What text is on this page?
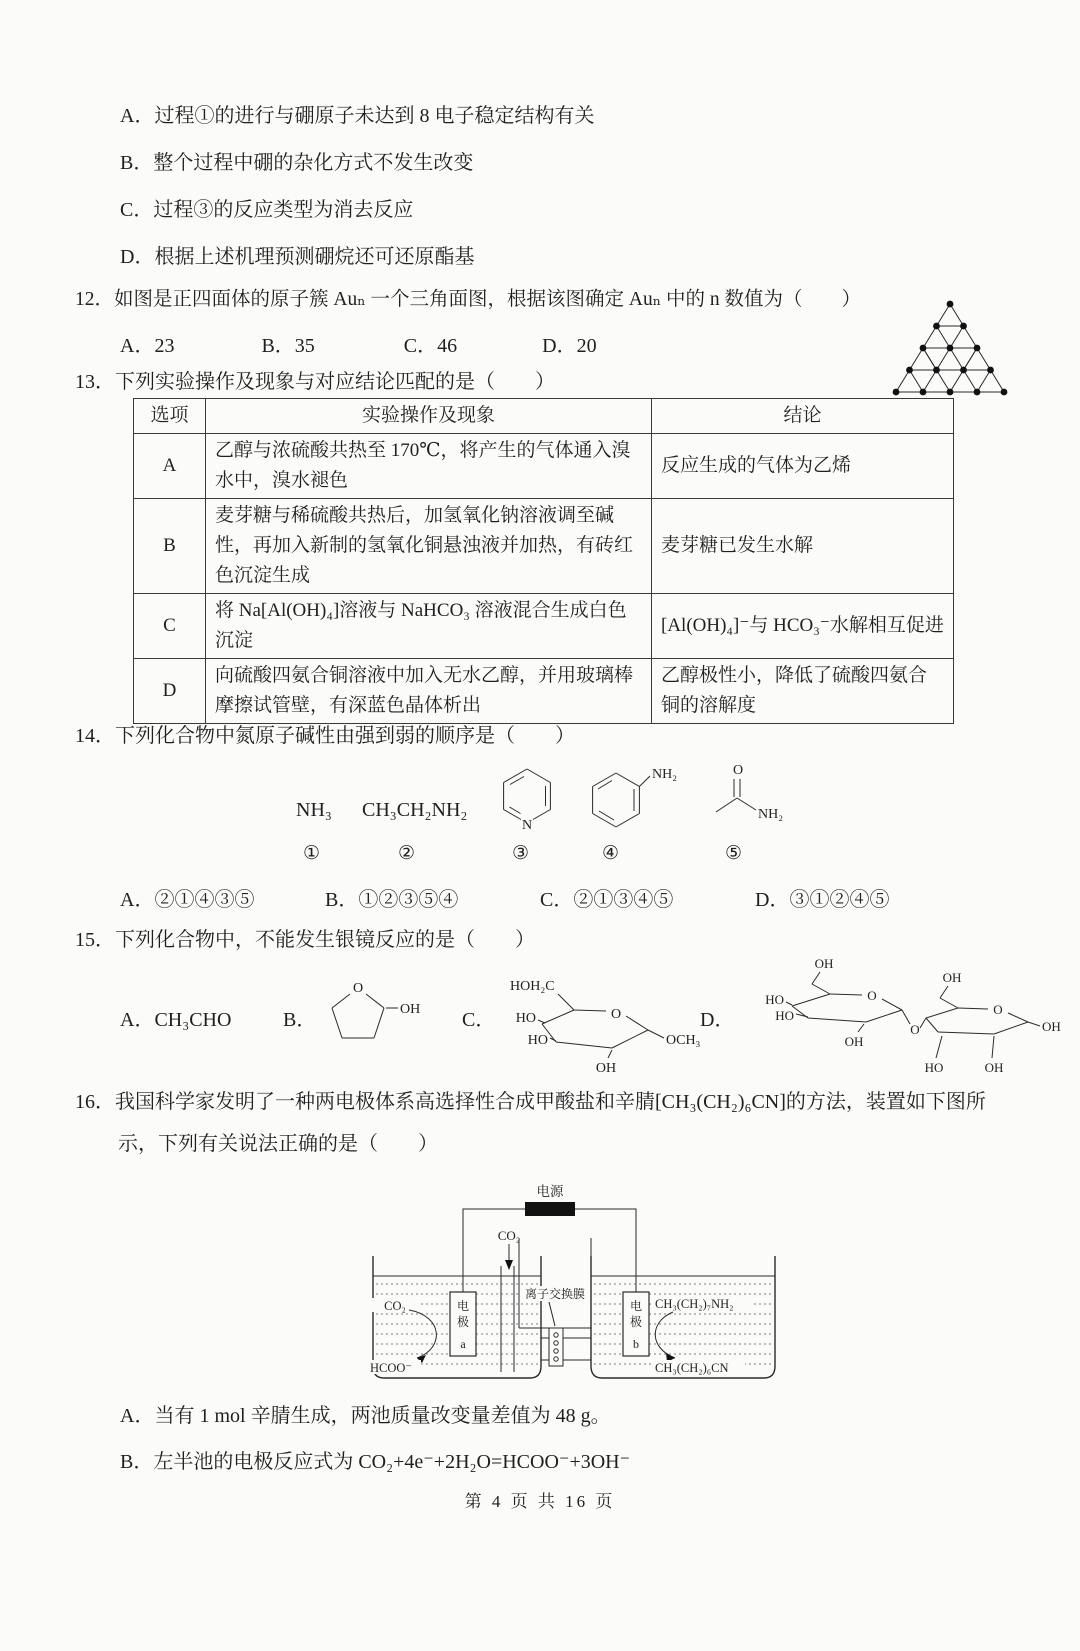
A．过程①的进行与硼原子未达到 8 电子稳定结构有关
B．整个过程中硼的杂化方式不发生改变
C．过程③的反应类型为消去反应
D．根据上述机理预测硼烷还可还原酯基
12．如图是正四面体的原子簇 Auₙ 一个三角面图，根据该图确定 Auₙ 中的 n 数值为（　　）
A．23	B．35	C．46	D．20
13．下列实验操作及现象与对应结论匹配的是（　　）
选项	实验操作及现象	结论
A	乙醇与浓硫酸共热至 170℃，将产生的气体通入溴水中，溴水褪色	反应生成的气体为乙烯
B	麦芽糖与稀硫酸共热后，加氢氧化钠溶液调至碱性，再加入新制的氢氧化铜悬浊液并加热，有砖红色沉淀生成	麦芽糖已发生水解
C	将 Na[Al(OH)₄]溶液与 NaHCO₃ 溶液混合生成白色沉淀	[Al(OH)₄]⁻与 HCO₃⁻水解相互促进
D	向硫酸四氨合铜溶液中加入无水乙醇，并用玻璃棒摩擦试管壁，有深蓝色晶体析出	乙醇极性小，降低了硫酸四氨合铜的溶解度
14．下列化合物中氮原子碱性由强到弱的顺序是（　　）
NH₃
①
CH₃CH₂NH₂
②
N
③
NH₂
④
O
NH₂
⑤
A．②①④③⑤	B．①②③⑤④	C．②①③④⑤	D．③①②④⑤
15．下列化合物中，不能发生银镜反应的是（　　）
A．CH₃CHO	B．
O
OH C．
HOH₂C
O
HO
HO
OH
OCH₃
D．
OH
O
HO
HO
OH
O
OH
O
OH
HO	OH
16．我国科学家发明了一种两电极体系高选择性合成甲酸盐和辛腈[CH₃(CH₂)₆CN]的方法，装置如下图所
示，下列有关说法正确的是（　　）
电源
CO₂
离子交换膜
电
极
a
电
极
b
CO₂
HCOO⁻
CH₃(CH₂)₇NH₂
CH₃(CH₂)₆CN
A．当有 1 mol 辛腈生成，两池质量改变量差值为 48 g。
B．左半池的电极反应式为 CO₂+4e⁻+2H₂O=HCOO⁻+3OH⁻
第 4 页 共 16 页
